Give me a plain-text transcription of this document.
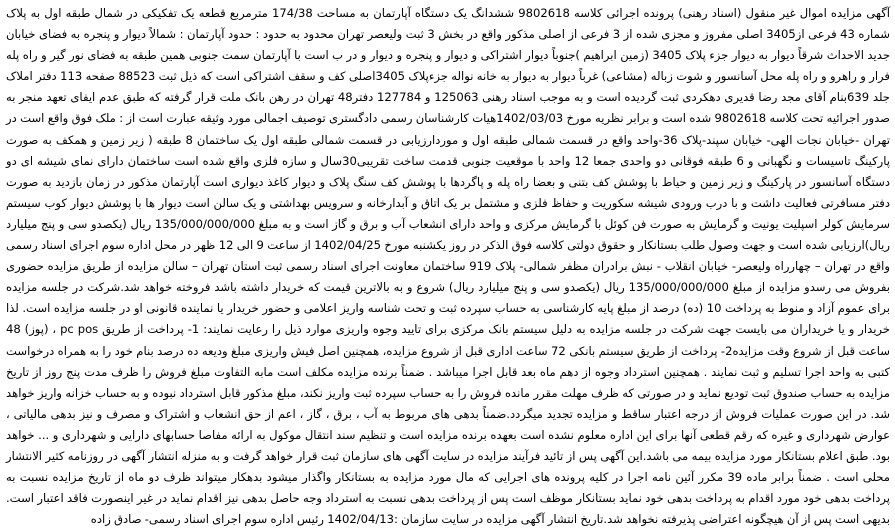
آگهی مزایده اموال غیر منقول (اسناد رهنی) پرونده اجرائی کلاسه 9802618 ششدانگ یک دستگاه آپارتمان به مساحت 174/38 مترمربع قطعه یک تفکیکی در شمال طبقه اول به پلاک شماره 43 فرعی از3405 اصلی مفروز و مجزی شده از 3 فرعی از اصلی مذکور واقع در بخش 3 ثبت ولیعصر تهران محدود به حدود : حدود آپارتمان : شمالاً دیوار و پنجره به فضای خیابان جدید الاحداث شرقاً دیوار به دیوار جزء پلاک 3405 (زمین ابراهیم )جنوباً دیوار اشتراکی و دیوار و پنجره و دیوار و در ب است با آپارتمان سمت جنوبی همین طبقه به فضای نور گیر و راه پله فرار و راهرو و راه پله محل آسانسور و شوت زباله (مشاعی) غرباً دیوار به دیوار به خانه نواله جزءپلاک 3405اصلی کف و سقف اشتراکی است که ذیل ثبت 88523 صفحه 113 دفتر املاک جلد 639بنام آقای مجد رضا قدیری دهکردی ثبت گردیده است و به موجب اسناد رهنی 125063 و 127784 دفتر48 تهران در رهن بانک ملت قرار گرفته که طبق عدم ایفای تعهد منجر به صدور اجرائیه تحت کلاسه 9802618 شده است و برابر نظریه مورخ 1402/03/03هیات کارشناسان رسمی دادگستری توصیف اجمالی مورد وثیقه عبارت است از : ملک فوق واقع است در تهران -خیابان نجات الهی- خیابان سپند-پلاک 36-واحد واقع در قسمت شمالی طبقه اول و موردارزیابی در قسمت شمالی طبقه اول یک ساختمان 8 طبقه ( زیر زمین و همکف به صورت پارکینگ تاسیسات و نگهبانی و 6 طبقه فوقانی دو واحدی جمعا 12 واحد با موقعیت جنوبی قدمت ساخت تقریبی30سال و سازه فلزی واقع شده است ساختمان دارای نمای شیشه ای دو دستگاه آسانسور در پارکینگ و زیر زمین و حیاط با پوشش کف بتنی و بعضا راه پله و پاگردها با پوشش کف سنگ پلاک و دیوار کاغذ دیواری است آپارتمان مذکور در زمان بازدید به صورت دفتر مسافرتی فعالیت داشت و با درب ورودی شیشه سکوریت و حفاظ فلزی و مشتمل بر یک اتاق و آبدارخانه و سرویس بهداشتی و یک سالن است دیوار ها با پوشش دیوار کوب سیستم سرمایش کولر اسپلیت یونیت و گرمایش به صورت فن کوئل با گرمایش مرکزی و واحد دارای انشعاب آب و برق و گاز است و به مبلغ 135/000/000/000 ریال (یکصدو سی و پنج میلیارد ریال)ارزیابی شده است و جهت وصول طلب بستانکار و حقوق دولتی کلاسه فوق الذکر در روز یکشنبه مورخ 1402/04/25 از ساعت 9 الی 12 ظهر در محل اداره سوم اجرای اسناد رسمی واقع در تهران – چهارراه ولیعصر- خیابان انقلاب - نبش برادران مظفر شمالی- پلاک 919 ساختمان معاونت اجرای اسناد رسمی ثبت استان تهران – سالن مزایده از طریق مزایده حضوری بفروش می رسدو مزایده از مبلغ 135/000/000/000 ریال (یکصدو سی و پنج میلیارد ریال) شروع و به بالاترین قیمت که خریدار داشته باشد فروخته خواهد شد.شرکت در جلسه مزایده برای عموم آزاد و منوط به پرداخت 10 (ده) درصد از مبلغ پایه کارشناسی به حساب سپرده ثبت و تحت شناسه واریز اعلامی و حضور خریدار یا نماینده قانونی او در جلسه مزایده است. لذا خریدار و یا خریداران می بایست جهت شرکت در جلسه مزایده به دلیل سیستم بانک مرکزی برای تایید وجوه واریزی موارد ذیل را رعایت نمایند: 1- پرداخت از طریق pc pos ، (پوز) 48 ساعت قبل از شروع وقت مزایده2- پرداخت از طریق سیستم بانکی 72 ساعت اداری قبل از شروع مزایده، همچنین اصل فیش واریزی مبلغ ودیعه ده درصد بنام خود را به همراه درخواست کتبی به واحد اجرا تسلیم و ثبت نمایند . همچنین استرداد وجوه از دهم ماه بعد قابل اجرا میباشد . ضمناً برنده مزایده مکلف است مابه التفاوت مبلغ فروش را ظرف مدت پنج روز از تاریخ مزایده به حساب صندوق ثبت تودیع نماید و در صورتی که ظرف مهلت مقرر مانده فروش را به حساب سپرده ثبت واریز نکند، مبلغ مذکور قابل استرداد نبوده و به حساب خزانه واریز خواهد شد. در این صورت عملیات فروش از درجه اعتبار ساقط و مزایده تجدید میگردد.ضمناً بدهی های مربوط به آب ، برق ، گاز ، اعم از حق انشعاب و اشتراک و مصرف و نیز بدهی مالیاتی ، عوارض شهرداری و غیره که رقم قطعی آنها برای این اداره معلوم نشده است بعهده برنده مزایده است و تنظیم سند انتقال موکول به ارائه مفاصا حسابهای دارایی و شهرداری و ... خواهد بود. طبق اعلام بستانکار مورد مزایده بیمه می باشد.این آگهی پس از تائید فرآیند مزایده در سایت آگهی های سازمان ثبت قرار خواهد گرفت و به منزله انتشار آگهی در روزنامه کثیر الانتشار محلی است . ضمناً برابر ماده 39 مکرر آئین نامه اجرا در کلیه پرونده های اجرایی که مال مورد مزایده به بستانکار واگذار میشود بدهکار میتواند ظرف دو ماه از تاریخ مزایده نسبت به پرداخت بدهی خود مورد اقدام به پرداخت بدهی خود نماید بستانکار موظف است پس از پرداخت بدهی نسبت به استرداد وجه حاصل بدهی نیز اقدام نماید در غیر اینصورت فاقد اعتبار است. بدیهی است پس از آن هیچگونه اعتراضی پذیرفته نخواهد شد.تاریخ انتشار آگهی مزایده در سایت سازمان :1402/04/13 رئیس اداره سوم اجرای اسناد رسمی- صادق زاده
